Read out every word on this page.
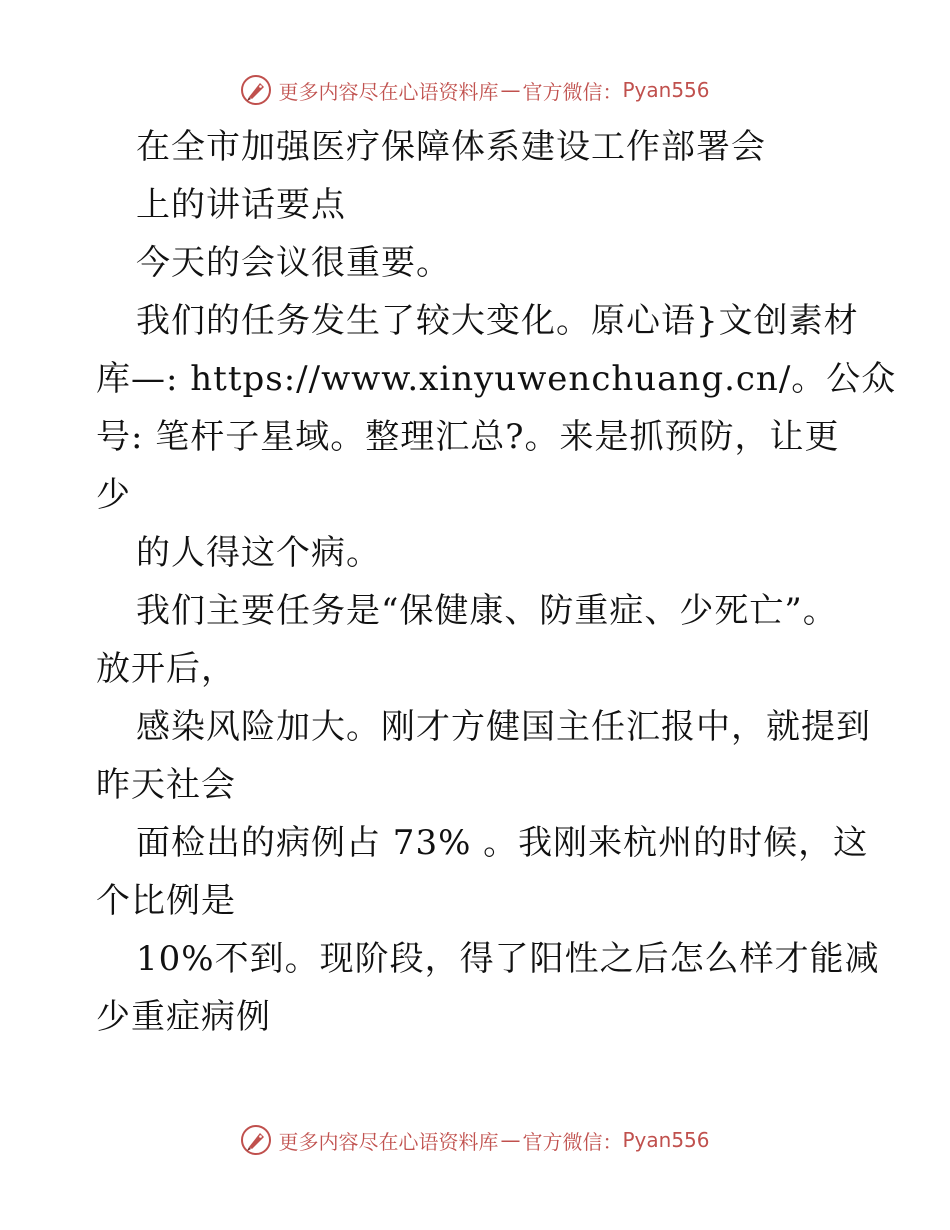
更多内容尽在心语资料库 — 官方微信： Pyan556
在全市加强医疗保障体系建设工作部署会
上的讲话要点
今天的会议很重要。
我们的任务发生了较大变化。原心语}文创素材
库—: https://www.xinyuwenchuang.cn/。公众
号: 笔杆子星域。整理汇总?。来是抓预防，让更
少
的人得这个病。
我们主要任务是“保健康、防重症、少死亡”。
放开后，
感染风险加大。刚才方健国主任汇报中，就提到
昨天社会
面检出的病例占 73% 。我刚来杭州的时候，这
个比例是
10%不到。现阶段，得了阳性之后怎么样才能减
少重症病例
更多内容尽在心语资料库 — 官方微信： Pyan556
